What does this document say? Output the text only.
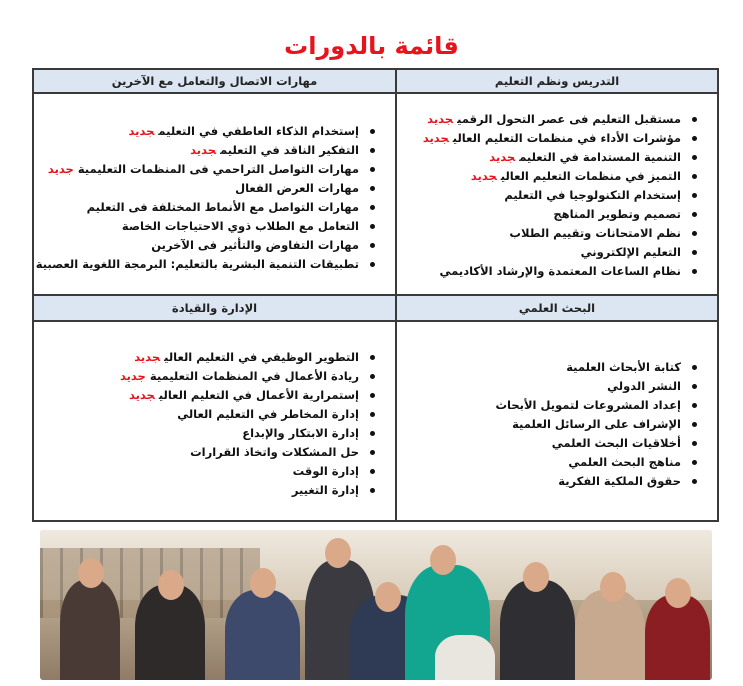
قائمة بالدورات
مهارات الاتصال والتعامل مع الآخرين	التدريس ونظم التعليم
إستخدام الذكاء العاطفي في التعليمجديد
التفكير الناقد في التعليمجديد
مهارات التواصل التراحمي فى المنظمات التعليميةجديد
مهارات العرض الفعال
مهارات التواصل مع الأنماط المختلفة فى التعليم
التعامل مع الطلاب ذوي الاحتياجات الخاصة
مهارات التفاوض والتأثير فى الآخرين
تطبيقات التنمية البشرية بالتعليم: البرمجة اللغوية العصبية
مستقبل التعليم فى عصر التحول الرقميجديد
مؤشرات الأداء في منظمات التعليم العاليجديد
التنمية المستدامة في التعليمجديد
التميز في منظمات التعليم العاليجديد
إستخدام التكنولوجيا في التعليم
تصميم وتطوير المناهج
نظم الامتحانات وتقييم الطلاب
التعليم الإلكتروني
نظام الساعات المعتمدة والإرشاد الأكاديمي
الإدارة والقيادة	البحث العلمي
التطوير الوظيفي في التعليم العاليجديد
ريادة الأعمال في المنظمات التعليميةجديد
إستمرارية الأعمال في التعليم العاليجديد
إدارة المخاطر في التعليم العالي
إدارة الابتكار والإبداع
حل المشكلات واتخاذ القرارات
إدارة الوقت
إدارة التغيير
كتابة الأبحاث العلمية
النشر الدولي
إعداد المشروعات لتمويل الأبحاث
الإشراف على الرسائل العلمية
أخلاقيات البحث العلمي
مناهج البحث العلمي
حقوق الملكية الفكرية
